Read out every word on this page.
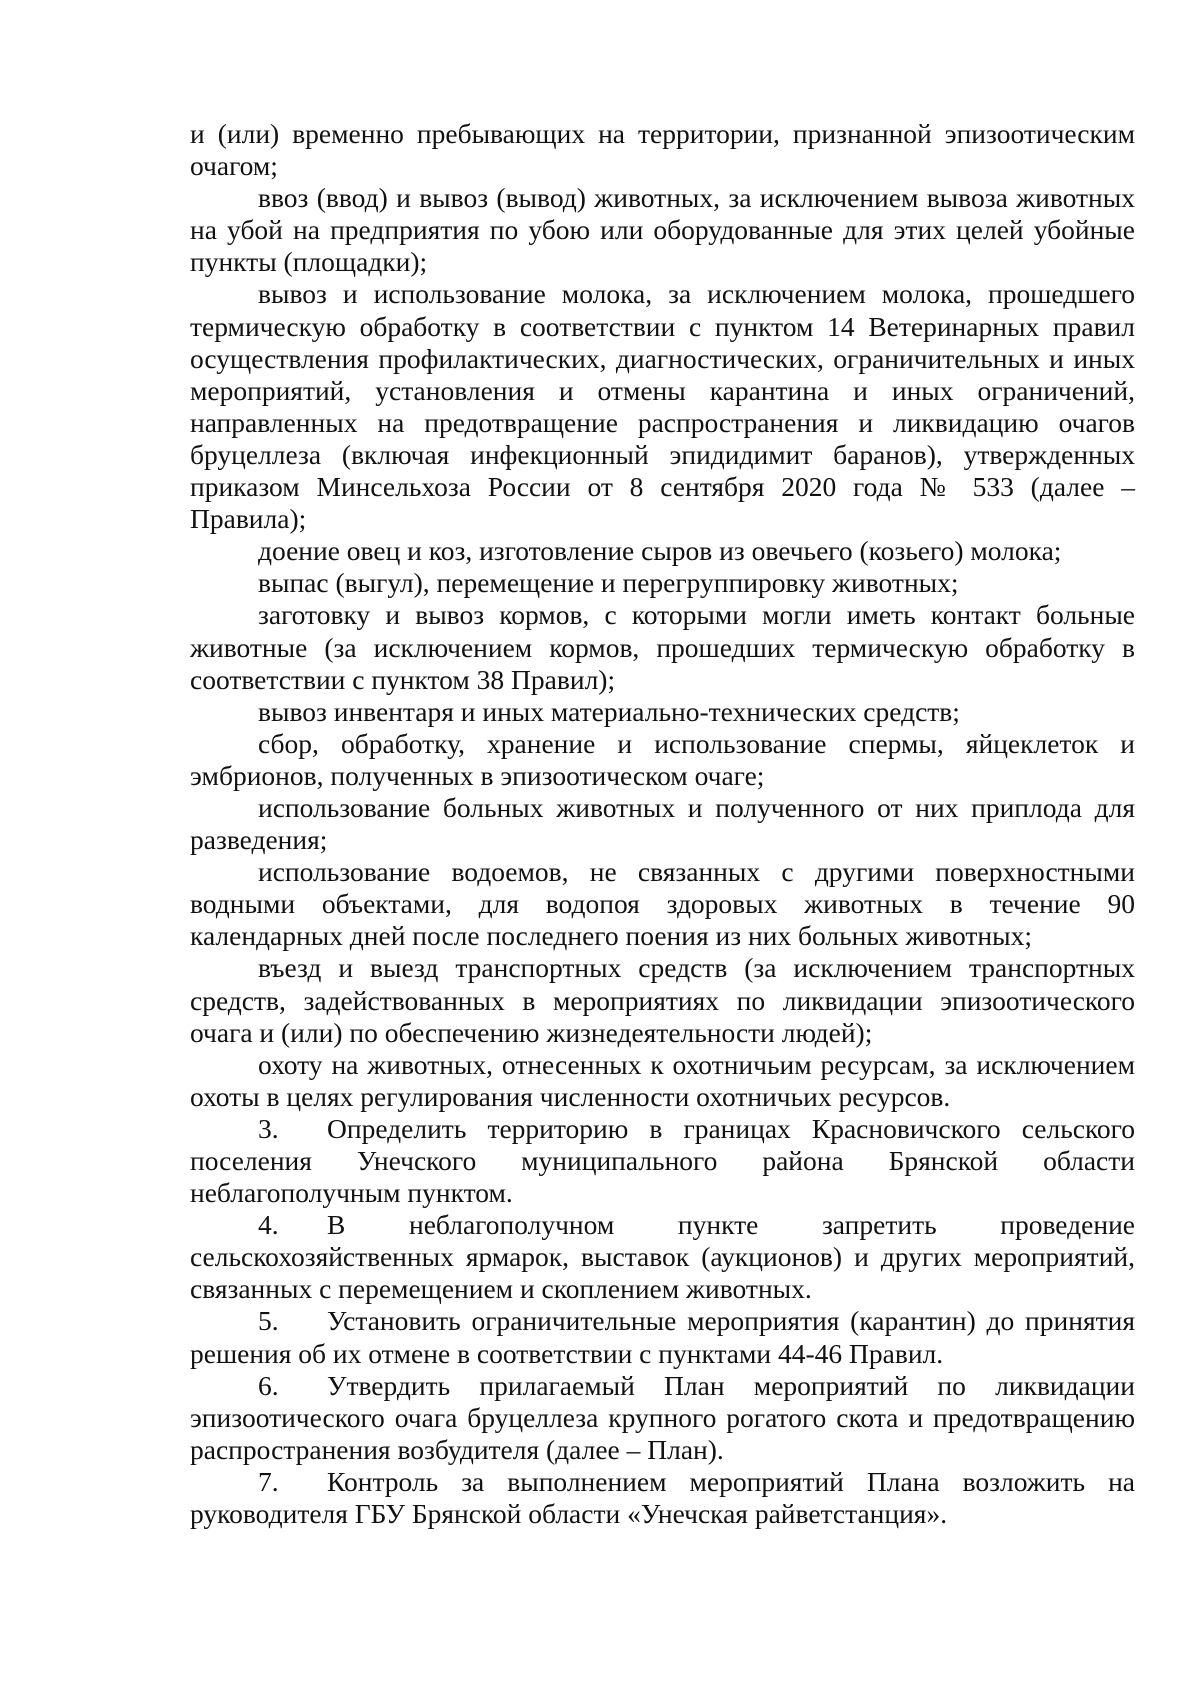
и (или) временно пребывающих на территории, признанной эпизоотическим очагом;

ввоз (ввод) и вывоз (вывод) животных, за исключением вывоза животных на убой на предприятия по убою или оборудованные для этих целей убойные пункты (площадки);

вывоз и использование молока, за исключением молока, прошедшего термическую обработку в соответствии с пунктом 14 Ветеринарных правил осуществления профилактических, диагностических, ограничительных и иных мероприятий, установления и отмены карантина и иных ограничений, направленных на предотвращение распространения и ликвидацию очагов бруцеллеза (включая инфекционный эпидидимит баранов), утвержденных приказом Минсельхоза России от 8 сентября 2020 года № 533 (далее – Правила);

доение овец и коз, изготовление сыров из овечьего (козьего) молока;

выпас (выгул), перемещение и перегруппировку животных;

заготовку и вывоз кормов, с которыми могли иметь контакт больные животные (за исключением кормов, прошедших термическую обработку в соответствии с пунктом 38 Правил);

вывоз инвентаря и иных материально-технических средств;

сбор, обработку, хранение и использование спермы, яйцеклеток и эмбрионов, полученных в эпизоотическом очаге;

использование больных животных и полученного от них приплода для разведения;

использование водоемов, не связанных с другими поверхностными водными объектами, для водопоя здоровых животных в течение 90 календарных дней после последнего поения из них больных животных;

въезд и выезд транспортных средств (за исключением транспортных средств, задействованных в мероприятиях по ликвидации эпизоотического очага и (или) по обеспечению жизнедеятельности людей);

охоту на животных, отнесенных к охотничьим ресурсам, за исключением охоты в целях регулирования численности охотничьих ресурсов.

3. Определить территорию в границах Красновичского сельского поселения Унечского муниципального района Брянской области неблагополучным пунктом.

4. В неблагополучном пункте запретить проведение сельскохозяйственных ярмарок, выставок (аукционов) и других мероприятий, связанных с перемещением и скоплением животных.

5. Установить ограничительные мероприятия (карантин) до принятия решения об их отмене в соответствии с пунктами 44-46 Правил.

6. Утвердить прилагаемый План мероприятий по ликвидации эпизоотического очага бруцеллеза крупного рогатого скота и предотвращению распространения возбудителя (далее – План).

7. Контроль за выполнением мероприятий Плана возложить на руководителя ГБУ Брянской области «Унечская райветстанция».
